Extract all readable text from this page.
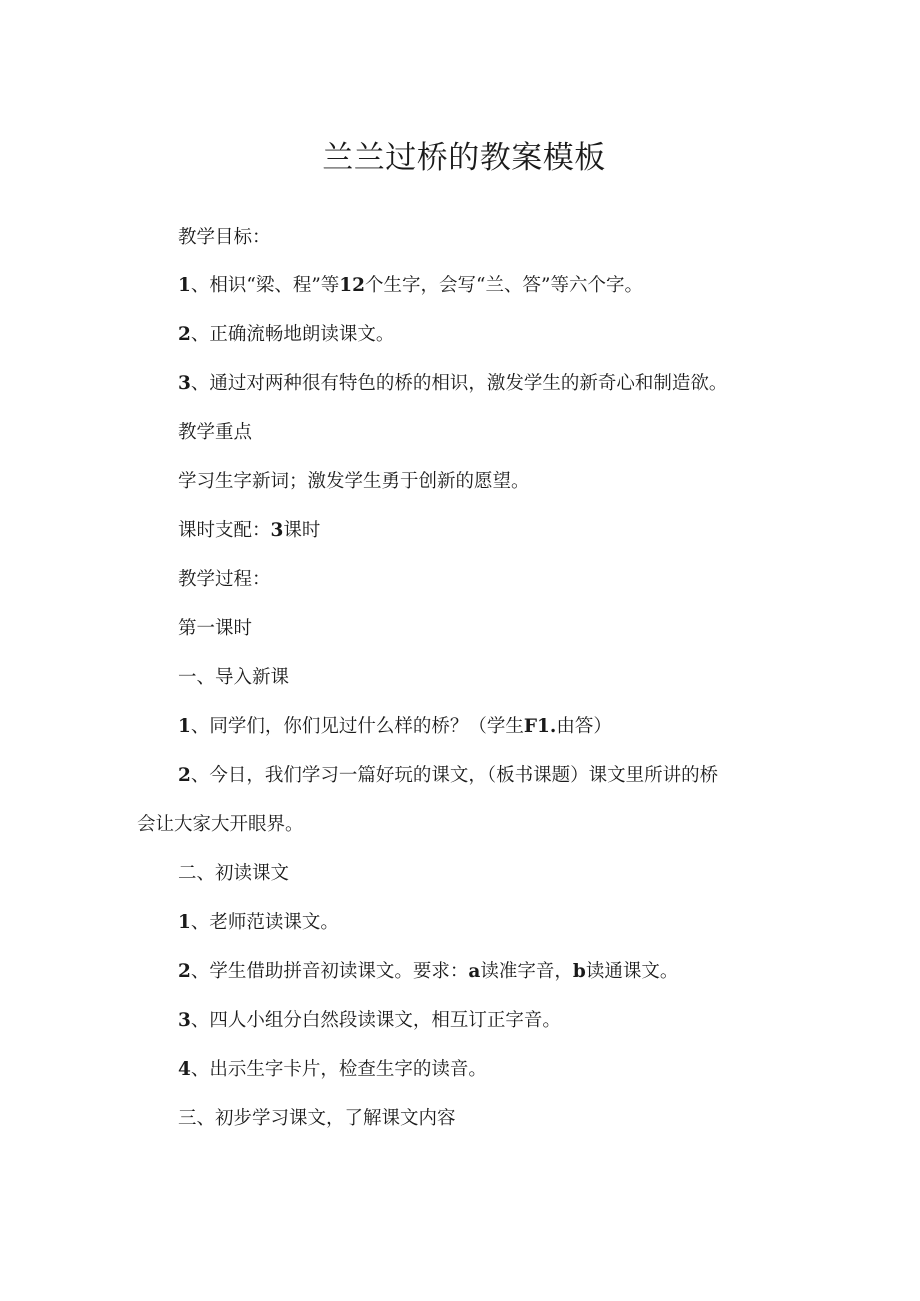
兰兰过桥的教案模板

教学目标：

1、相识“梁、程”等12个生字，会写“兰、答”等六个字。

2、正确流畅地朗读课文。

3、通过对两种很有特色的桥的相识，激发学生的新奇心和制造欲。

教学重点

学习生字新词；激发学生勇于创新的愿望。

课时支配：3课时

教学过程：

第一课时

一、导入新课

1、同学们，你们见过什么样的桥？（学生F1.由答）

2、今日，我们学习一篇好玩的课文，（板书课题）课文里所讲的桥

会让大家大开眼界。

二、初读课文

1、老师范读课文。

2、学生借助拼音初读课文。要求：a读准字音，b读通课文。

3、四人小组分白然段读课文，相互订正字音。

4、出示生字卡片，检查生字的读音。

三、初步学习课文，了解课文内容
